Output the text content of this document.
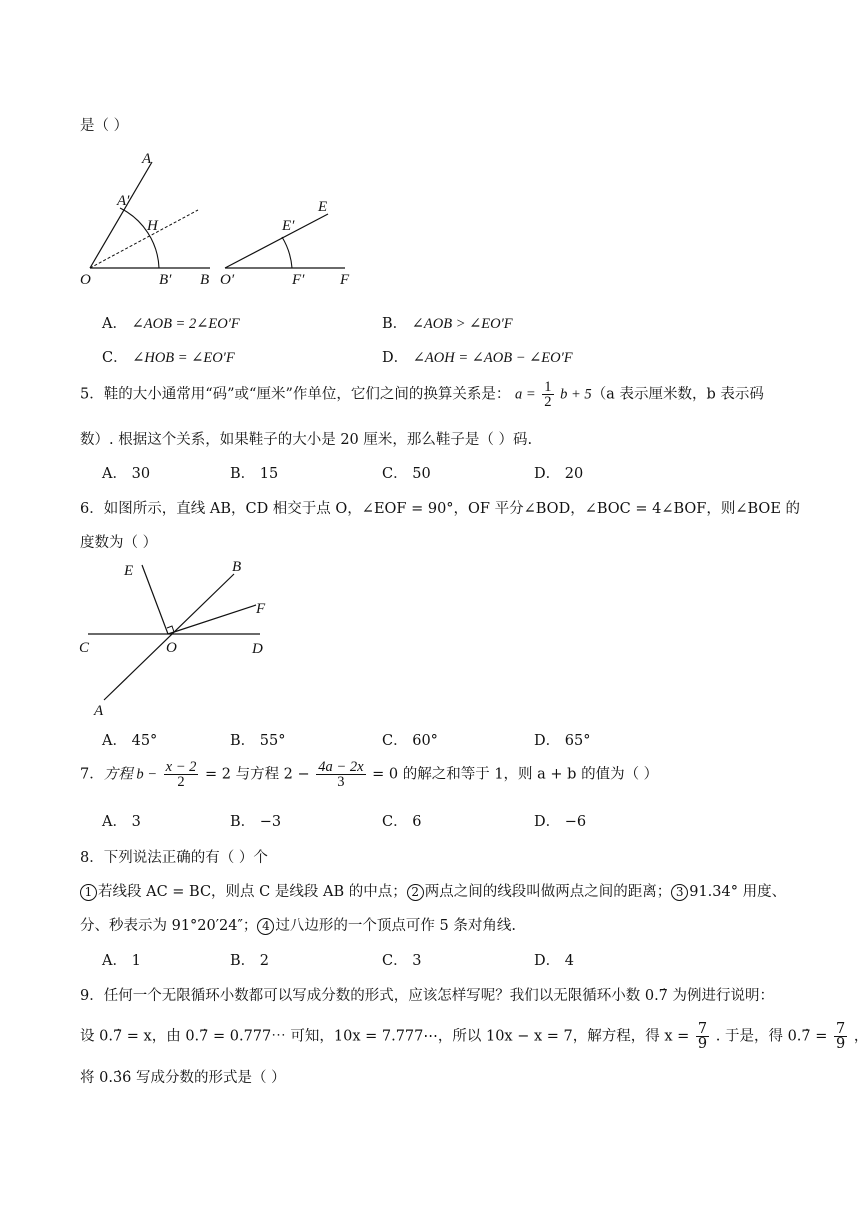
是（ ）
A
A′
H
O	B′ B
E
E′
O′	F′ F
A． ∠AOB = 2∠EO′F	B． ∠AOB > ∠EO′F
C． ∠HOB = ∠EO′F	D． ∠AOH = ∠AOB − ∠EO′F
5．鞋的大小通常用“码”或“厘米”作单位，它们之间的换算关系是： $a = \frac{1}{2}$ b + 5（a 表示厘米数，b 表示码
数）. 根据这个关系，如果鞋子的大小是 20 厘米，那么鞋子是（ ）码.
A． 30	B． 15	C． 50	D． 20
6．如图所示，直线 AB，CD 相交于点 O，∠EOF = 90°，OF 平分∠BOD，∠BOC = 4∠BOF，则∠BOE 的
度数为（ ）
E	B
F
C	O	D
A
A． 45°	B． 55°	C． 60°	D． 65°
7．方程 $b - \frac{x - 2}{2} = 2$ 与方程 $2 - \frac{4a - 2x}{3} = 0$ 的解之和等于 1，则 a + b 的值为（ ）
A． 3	B． −3	C． 6	D． −6
8．下列说法正确的有（ ）个
1 若线段 AC = BC，则点 C 是线段 AB 的中点； 2 两点之间的线段叫做两点之间的距离； 3 91.34° 用度、
分、秒表示为 91°20′24″； 4 过八边形的一个顶点可作 5 条对角线.
A． 1	B． 2	C． 3	D． 4
9．任何一个无限循环小数都可以写成分数的形式，应该怎样写呢？我们以无限循环小数 0.7̇ 为例进行说明：
设 0.7̇ = x，由 0.7̇ = 0.777⋯ 可知，10x = 7.777⋯，所以 10x − x = 7，解方程，得 $x = \frac{7}{9}$ . 于是，得 0.7̇ = $\frac{7}{9}$ ，
将 0.3̇6̇ 写成分数的形式是（ ）
